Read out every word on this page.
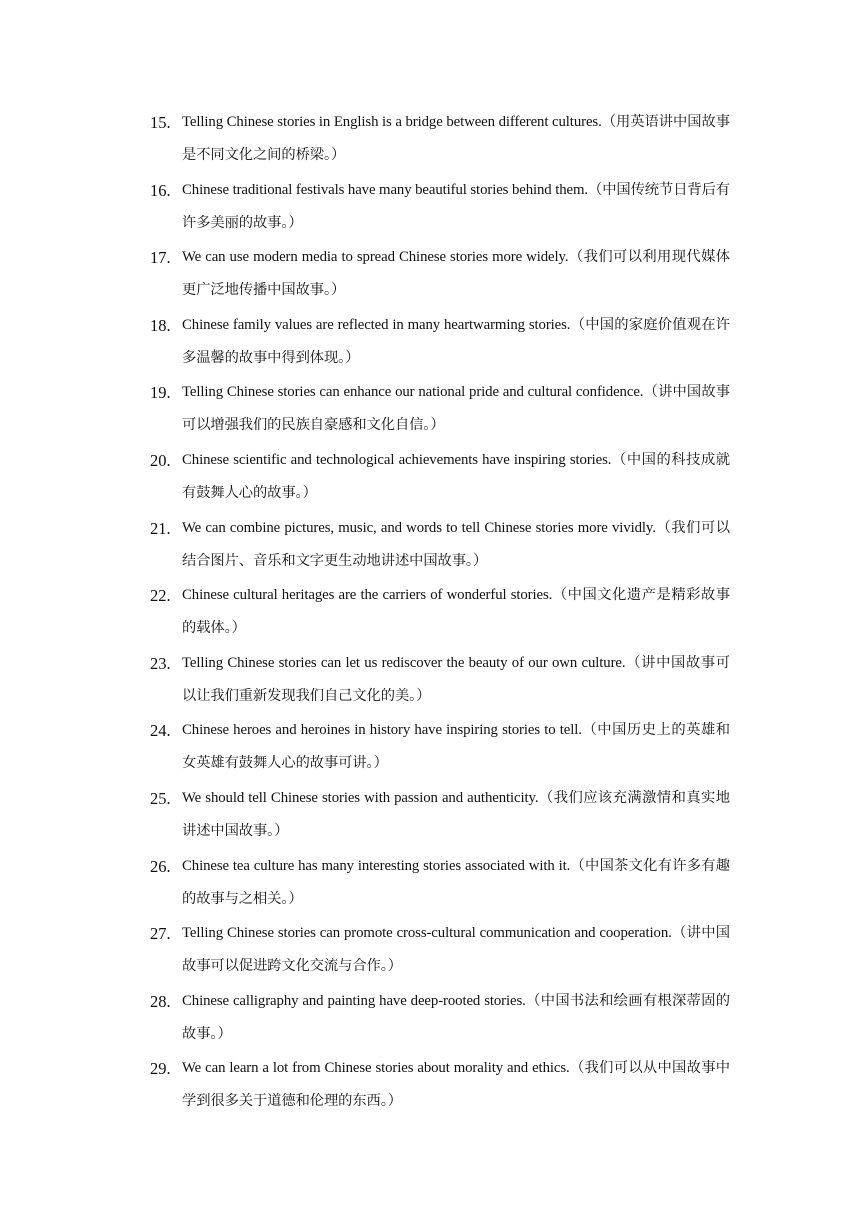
15. Telling Chinese stories in English is a bridge between different cultures.（用英语讲中国故事是不同文化之间的桥梁。）
16. Chinese traditional festivals have many beautiful stories behind them.（中国传统节日背后有许多美丽的故事。）
17. We can use modern media to spread Chinese stories more widely.（我们可以利用现代媒体更广泛地传播中国故事。）
18. Chinese family values are reflected in many heartwarming stories.（中国的家庭价值观在许多温馨的故事中得到体现。）
19. Telling Chinese stories can enhance our national pride and cultural confidence.（讲中国故事可以增强我们的民族自豪感和文化自信。）
20. Chinese scientific and technological achievements have inspiring stories.（中国的科技成就有鼓舞人心的故事。）
21. We can combine pictures, music, and words to tell Chinese stories more vividly.（我们可以结合图片、音乐和文字更生动地讲述中国故事。）
22. Chinese cultural heritages are the carriers of wonderful stories.（中国文化遗产是精彩故事的载体。）
23. Telling Chinese stories can let us rediscover the beauty of our own culture.（讲中国故事可以让我们重新发现我们自己文化的美。）
24. Chinese heroes and heroines in history have inspiring stories to tell.（中国历史上的英雄和女英雄有鼓舞人心的故事可讲。）
25. We should tell Chinese stories with passion and authenticity.（我们应该充满激情和真实地讲述中国故事。）
26. Chinese tea culture has many interesting stories associated with it.（中国茶文化有许多有趣的故事与之相关。）
27. Telling Chinese stories can promote cross-cultural communication and cooperation.（讲中国故事可以促进跨文化交流与合作。）
28. Chinese calligraphy and painting have deep-rooted stories.（中国书法和绘画有根深蒂固的故事。）
29. We can learn a lot from Chinese stories about morality and ethics.（我们可以从中国故事中学到很多关于道德和伦理的东西。）
